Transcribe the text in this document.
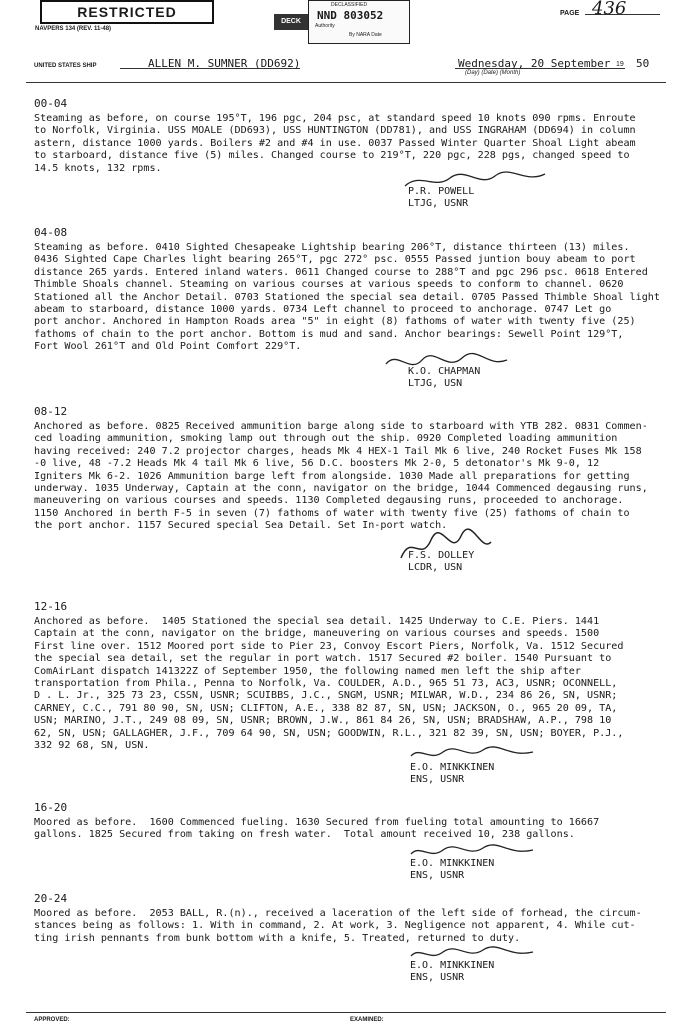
RESTRICTED
NAVPERS 134 (REV. 11-48)
DECK
DECLASSIFIED
NND 803052
Authority
By NARA Date
PAGE 436
UNITED STATES SHIP	ALLEN M. SUMNER (DD692)	Wednesday, 20 September
(Day) (Date) (Month)
19 50
00-04
Steaming as before, on course 195°T, 196 pgc, 204 psc, at standard speed 10 knots 090 rpms. Enroute
to Norfolk, Virginia. USS MOALE (DD693), USS HUNTINGTON (DD781), and USS INGRAHAM (DD694) in column
astern, distance 1000 yards. Boilers #2 and #4 in use. 0037 Passed Winter Quarter Shoal Light abeam
to starboard, distance five (5) miles. Changed course to 219°T, 220 pgc, 228 pgs, changed speed to
14.5 knots, 132 rpms.
P.R. POWELL
LTJG, USNR
04-08
Steaming as before. 0410 Sighted Chesapeake Lightship bearing 206°T, distance thirteen (13) miles.
0436 Sighted Cape Charles light bearing 265°T, pgc 272° psc. 0555 Passed juntion bouy abeam to port
distance 265 yards. Entered inland waters. 0611 Changed course to 288°T and pgc 296 psc. 0618 Entered
Thimble Shoals channel. Steaming on various courses at various speeds to conform to channel. 0620
Stationed all the Anchor Detail. 0703 Stationed the special sea detail. 0705 Passed Thimble Shoal light
abeam to starboard, distance 1000 yards. 0734 Left channel to proceed to anchorage. 0747 Let go
port anchor. Anchored in Hampton Roads area "5" in eight (8) fathoms of water with twenty five (25)
fathoms of chain to the port anchor. Bottom is mud and sand. Anchor bearings: Sewell Point 129°T,
Fort Wool 261°T and Old Point Comfort 229°T.
K.O. CHAPMAN
LTJG, USN
08-12
Anchored as before. 0825 Received ammunition barge along side to starboard with YTB 282. 0831 Commen-
ced loading ammunition, smoking lamp out through out the ship. 0920 Completed loading ammunition
having received: 240 7.2 projector charges, heads Mk 4 HEX-1 Tail Mk 6 live, 240 Rocket Fuses Mk 158
-0 live, 48 -7.2 Heads Mk 4 tail Mk 6 live, 56 D.C. boosters Mk 2-0, 5 detonator's Mk 9-0, 12
Igniters Mk 6-2. 1026 Ammunition barge left from alongside. 1030 Made all preparations for getting
underway. 1035 Underway, Captain at the conn, navigator on the bridge, 1044 Commenced degausing runs,
maneuvering on various courses and speeds. 1130 Completed degausing runs, proceeded to anchorage.
1150 Anchored in berth F-5 in seven (7) fathoms of water with twenty five (25) fathoms of chain to
the port anchor. 1157 Secured special Sea Detail. Set In-port watch.
F.S. DOLLEY
LCDR, USN
12-16
Anchored as before.  1405 Stationed the special sea detail. 1425 Underway to C.E. Piers. 1441
Captain at the conn, navigator on the bridge, maneuvering on various courses and speeds. 1500
First line over. 1512 Moored port side to Pier 23, Convoy Escort Piers, Norfolk, Va. 1512 Secured
the special sea detail, set the regular in port watch. 1517 Secured #2 boiler. 1540 Pursuant to
ComAirLant dispatch 141322Z of September 1950, the following named men left the ship after
transportation from Phila., Penna to Norfolk, Va. COULDER, A.D., 965 51 73, AC3, USNR; OCONNELL,
D . L. Jr., 325 73 23, CSSN, USNR; SCUIBBS, J.C., SNGM, USNR; MILWAR, W.D., 234 86 26, SN, USNR;
CARNEY, C.C., 791 80 90, SN, USN; CLIFTON, A.E., 338 82 87, SN, USN; JACKSON, O., 965 20 09, TA,
USN; MARINO, J.T., 249 08 09, SN, USNR; BROWN, J.W., 861 84 26, SN, USN; BRADSHAW, A.P., 798 10
62, SN, USN; GALLAGHER, J.F., 709 64 90, SN, USN; GOODWIN, R.L., 321 82 39, SN, USN; BOYER, P.J.,
332 92 68, SN, USN.
E.O. MINKKINEN
ENS, USNR
16-20
Moored as before.  1600 Commenced fueling. 1630 Secured from fueling total amounting to 16667
gallons. 1825 Secured from taking on fresh water.  Total amount received 10, 238 gallons.
E.O. MINKKINEN
ENS, USNR
20-24
Moored as before.  2053 BALL, R.(n)., received a laceration of the left side of forhead, the circum-
stances being as follows: 1. With in command, 2. At work, 3. Negligence not apparent, 4. While cut-
ting irish pennants from bunk bottom with a knife, 5. Treated, returned to duty.
E.O. MINKKINEN
ENS, USNR
APPROVED:	EXAMINED:
